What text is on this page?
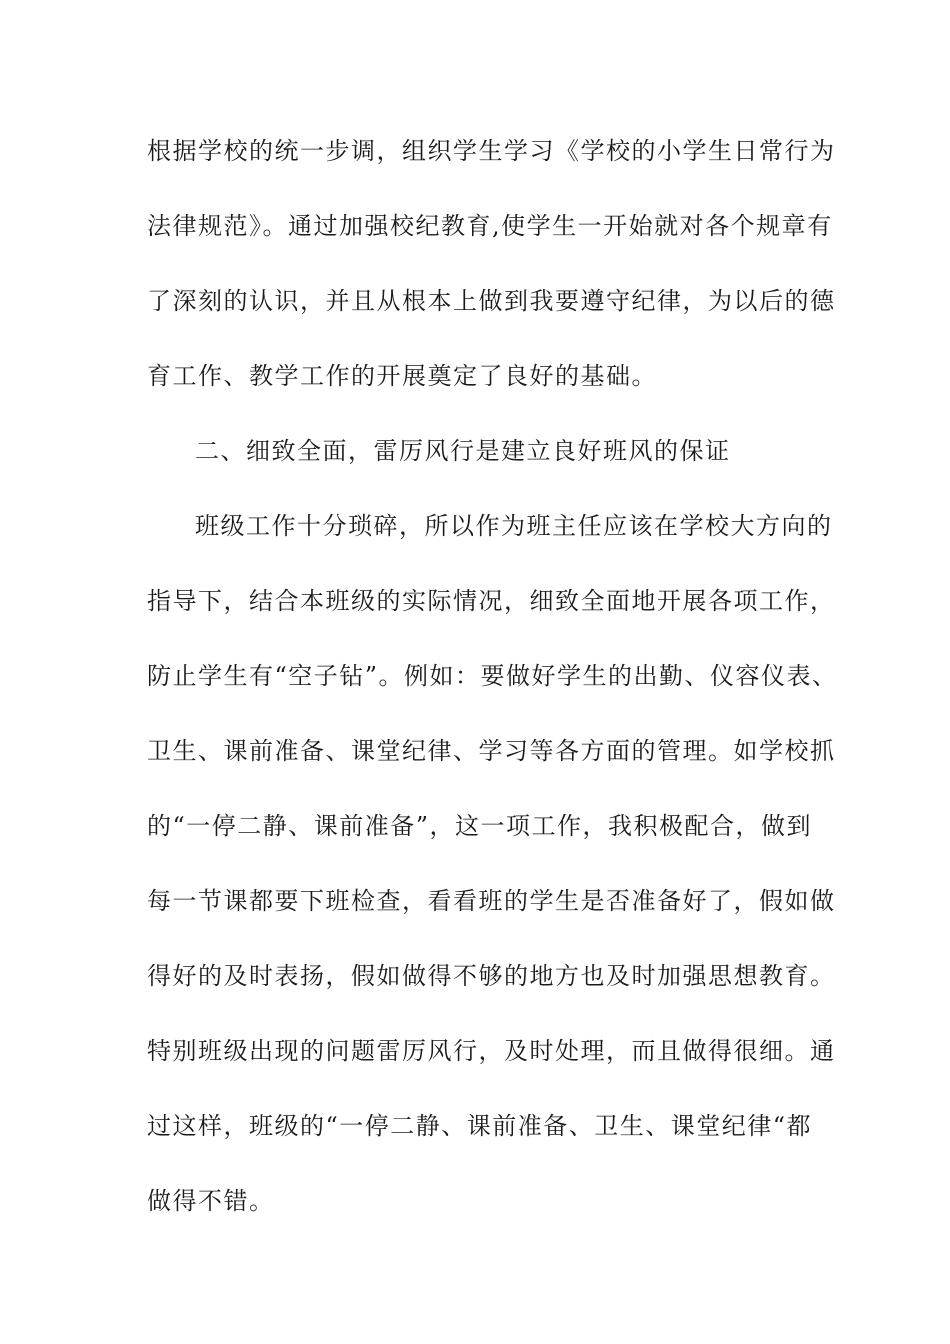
根据学校的统一步调，组织学生学习《学校的小学生日常行为
法律规范》。通过加强校纪教育,使学生一开始就对各个规章有
了深刻的认识，并且从根本上做到我要遵守纪律，为以后的德
育工作、教学工作的开展奠定了良好的基础。
二、细致全面，雷厉风行是建立良好班风的保证
班级工作十分琐碎，所以作为班主任应该在学校大方向的
指导下，结合本班级的实际情况，细致全面地开展各项工作，
防止学生有“空子钻”。例如：要做好学生的出勤、仪容仪表、
卫生、课前准备、课堂纪律、学习等各方面的管理。如学校抓
的“一停二静、课前准备”，这一项工作，我积极配合，做到
每一节课都要下班检查，看看班的学生是否准备好了，假如做
得好的及时表扬，假如做得不够的地方也及时加强思想教育。
特别班级出现的问题雷厉风行，及时处理，而且做得很细。通
过这样，班级的“一停二静、课前准备、卫生、课堂纪律“都
做得不错。
